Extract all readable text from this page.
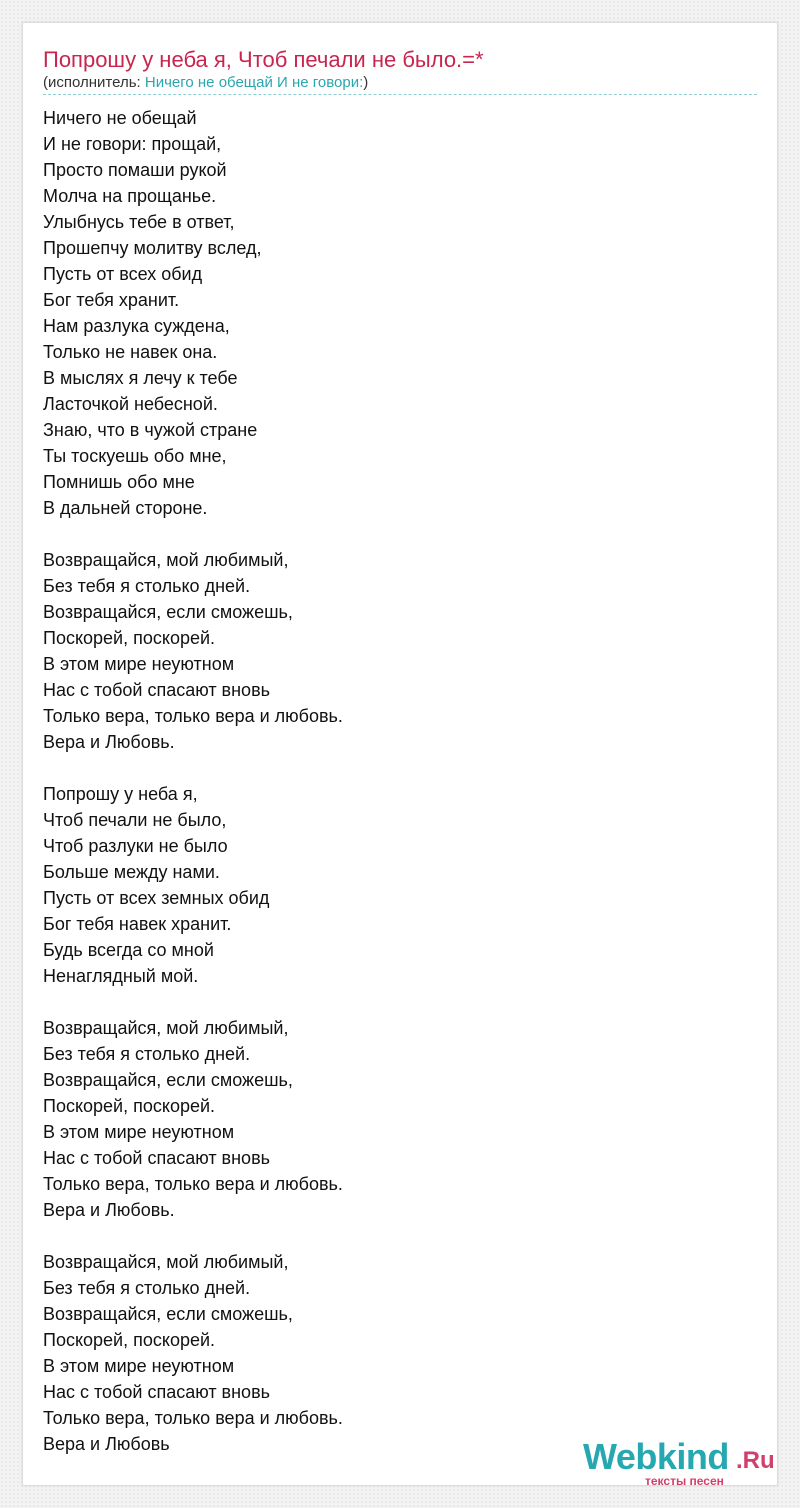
Попрошу у неба я, Чтоб печали не было.=*
(исполнитель: Ничего не обещай И не говори:)
Ничего не обещай
И не говори: прощай,
Просто помаши рукой
Молча на прощанье.
Улыбнусь тебе в ответ,
Прошепчу молитву вслед,
Пусть от всех обид
Бог тебя хранит.
Нам разлука суждена,
Только не навек она.
В мыслях я лечу к тебе
Ласточкой небесной.
Знаю, что в чужой стране
Ты тоскуешь обо мне,
Помнишь обо мне
В дальней стороне.
Возвращайся, мой любимый,
Без тебя я столько дней.
Возвращайся, если сможешь,
Поскорей, поскорей.
В этом мире неуютном
Нас с тобой спасают вновь
Только вера, только вера и любовь.
Вера и Любовь.
Попрошу у неба я,
Чтоб печали не было,
Чтоб разлуки не было
Больше между нами.
Пусть от всех земных обид
Бог тебя навек хранит.
Будь всегда со мной
Ненаглядный мой.
Возвращайся, мой любимый,
Без тебя я столько дней.
Возвращайся, если сможешь,
Поскорей, поскорей.
В этом мире неуютном
Нас с тобой спасают вновь
Только вера, только вера и любовь.
Вера и Любовь.
Возвращайся, мой любимый,
Без тебя я столько дней.
Возвращайся, если сможешь,
Поскорей, поскорей.
В этом мире неуютном
Нас с тобой спасают вновь
Только вера, только вера и любовь.
Вера и Любовь	Webkind .Ru
тексты песен
